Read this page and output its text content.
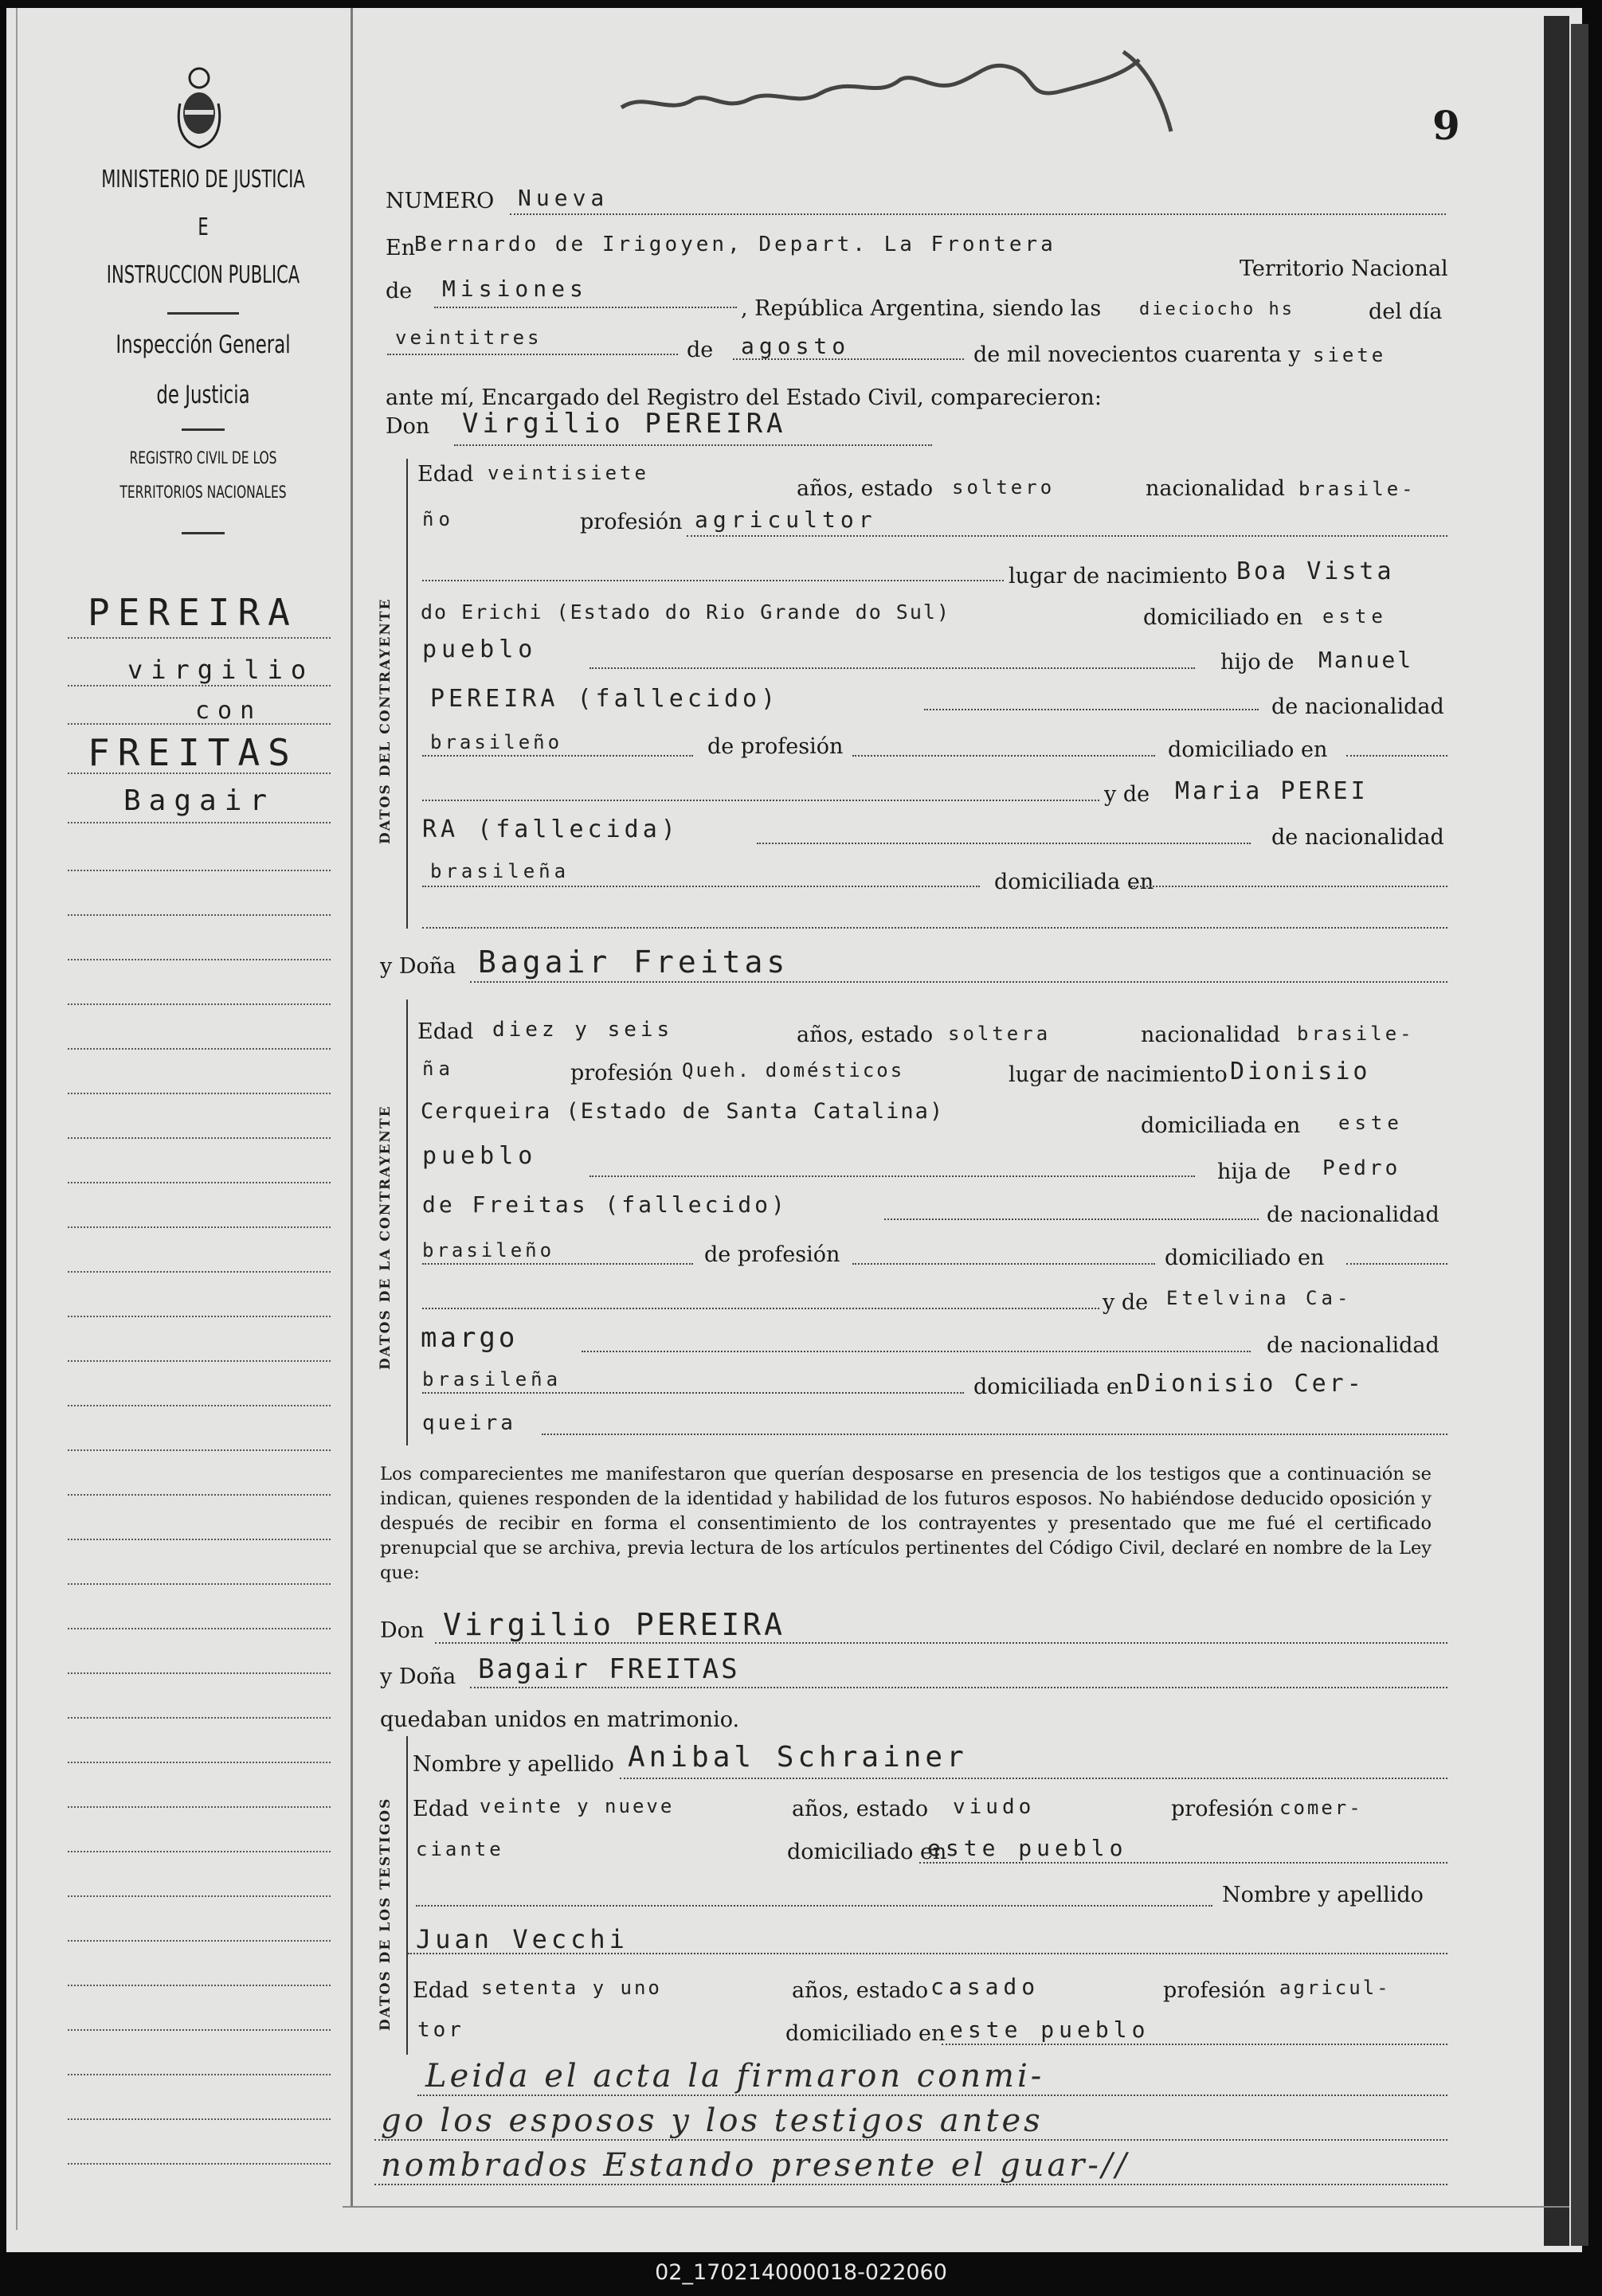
9
MINISTERIO DE JUSTICIA
E
INSTRUCCION PUBLICA
Inspección General
de Justicia
REGISTRO CIVIL DE LOS
TERRITORIOS NACIONALES
PEREIRA
virgilio
con
FREITAS
Bagair
NUMERO Nueva
En
Bernardo de Irigoyen, Depart. La Frontera
Territorio Nacional
de Misiones
, República Argentina, siendo las dieciocho hs	del día
veintitres	de agosto	de mil novecientos cuarenta y siete
ante mí, Encargado del Registro del Estado Civil, comparecieron:
Don Virgilio PEREIRA
DATOS DEL CONTRAYENTE
Edad veintisiete
años, estado soltero	nacionalidad brasile-
ño	profesión agricultor
lugar de nacimiento Boa Vista
do Erichi (Estado do Rio Grande do Sul)	domiciliado en este
pueblo	hijo de Manuel
PEREIRA (fallecido)	de nacionalidad
brasileño	de profesión	domiciliado en
y de Maria PEREI
RA (fallecida)	de nacionalidad
brasileña	domiciliada en
y Doña Bagair Freitas
DATOS DE LA CONTRAYENTE
Edad diez y seis	años, estado soltera	nacionalidad brasile-
ña	profesión Queh. domésticos	lugar de nacimiento Dionisio
Cerqueira (Estado de Santa Catalina)
domiciliada en este
pueblo
hija de Pedro
de Freitas (fallecido)	de nacionalidad
brasileño	de profesión	domiciliado en
y de Etelvina Ca-
margo	de nacionalidad
brasileña	domiciliada en Dionisio Cer-
queira
Los comparecientes me manifestaron que querían desposarse en presencia de los testigos que a continuación se indican, quienes responden de la identidad y habilidad de los futuros esposos. No habiéndose deducido oposición y después de recibir en forma el consentimiento de los contrayentes y presentado que me fué el certificado prenupcial que se archiva, previa lectura de los artículos pertinentes del Código Civil, declaré en nombre de la Ley que:
Don Virgilio PEREIRA
y Doña Bagair FREITAS
quedaban unidos en matrimonio.
DATOS DE LOS TESTIGOS
Nombre y apellido Anibal Schrainer
Edad veinte y nueve	años, estado viudo	profesión comer-
ciante	domiciliado en
este pueblo
Nombre y apellido
Juan Vecchi
Edad setenta y uno	años, estado casado	profesión agricul-
tor	domiciliado en este pueblo
Leida el acta la firmaron conmi-
go los esposos y los testigos antes
nombrados Estando presente el guar-//
02_170214000018-022060
